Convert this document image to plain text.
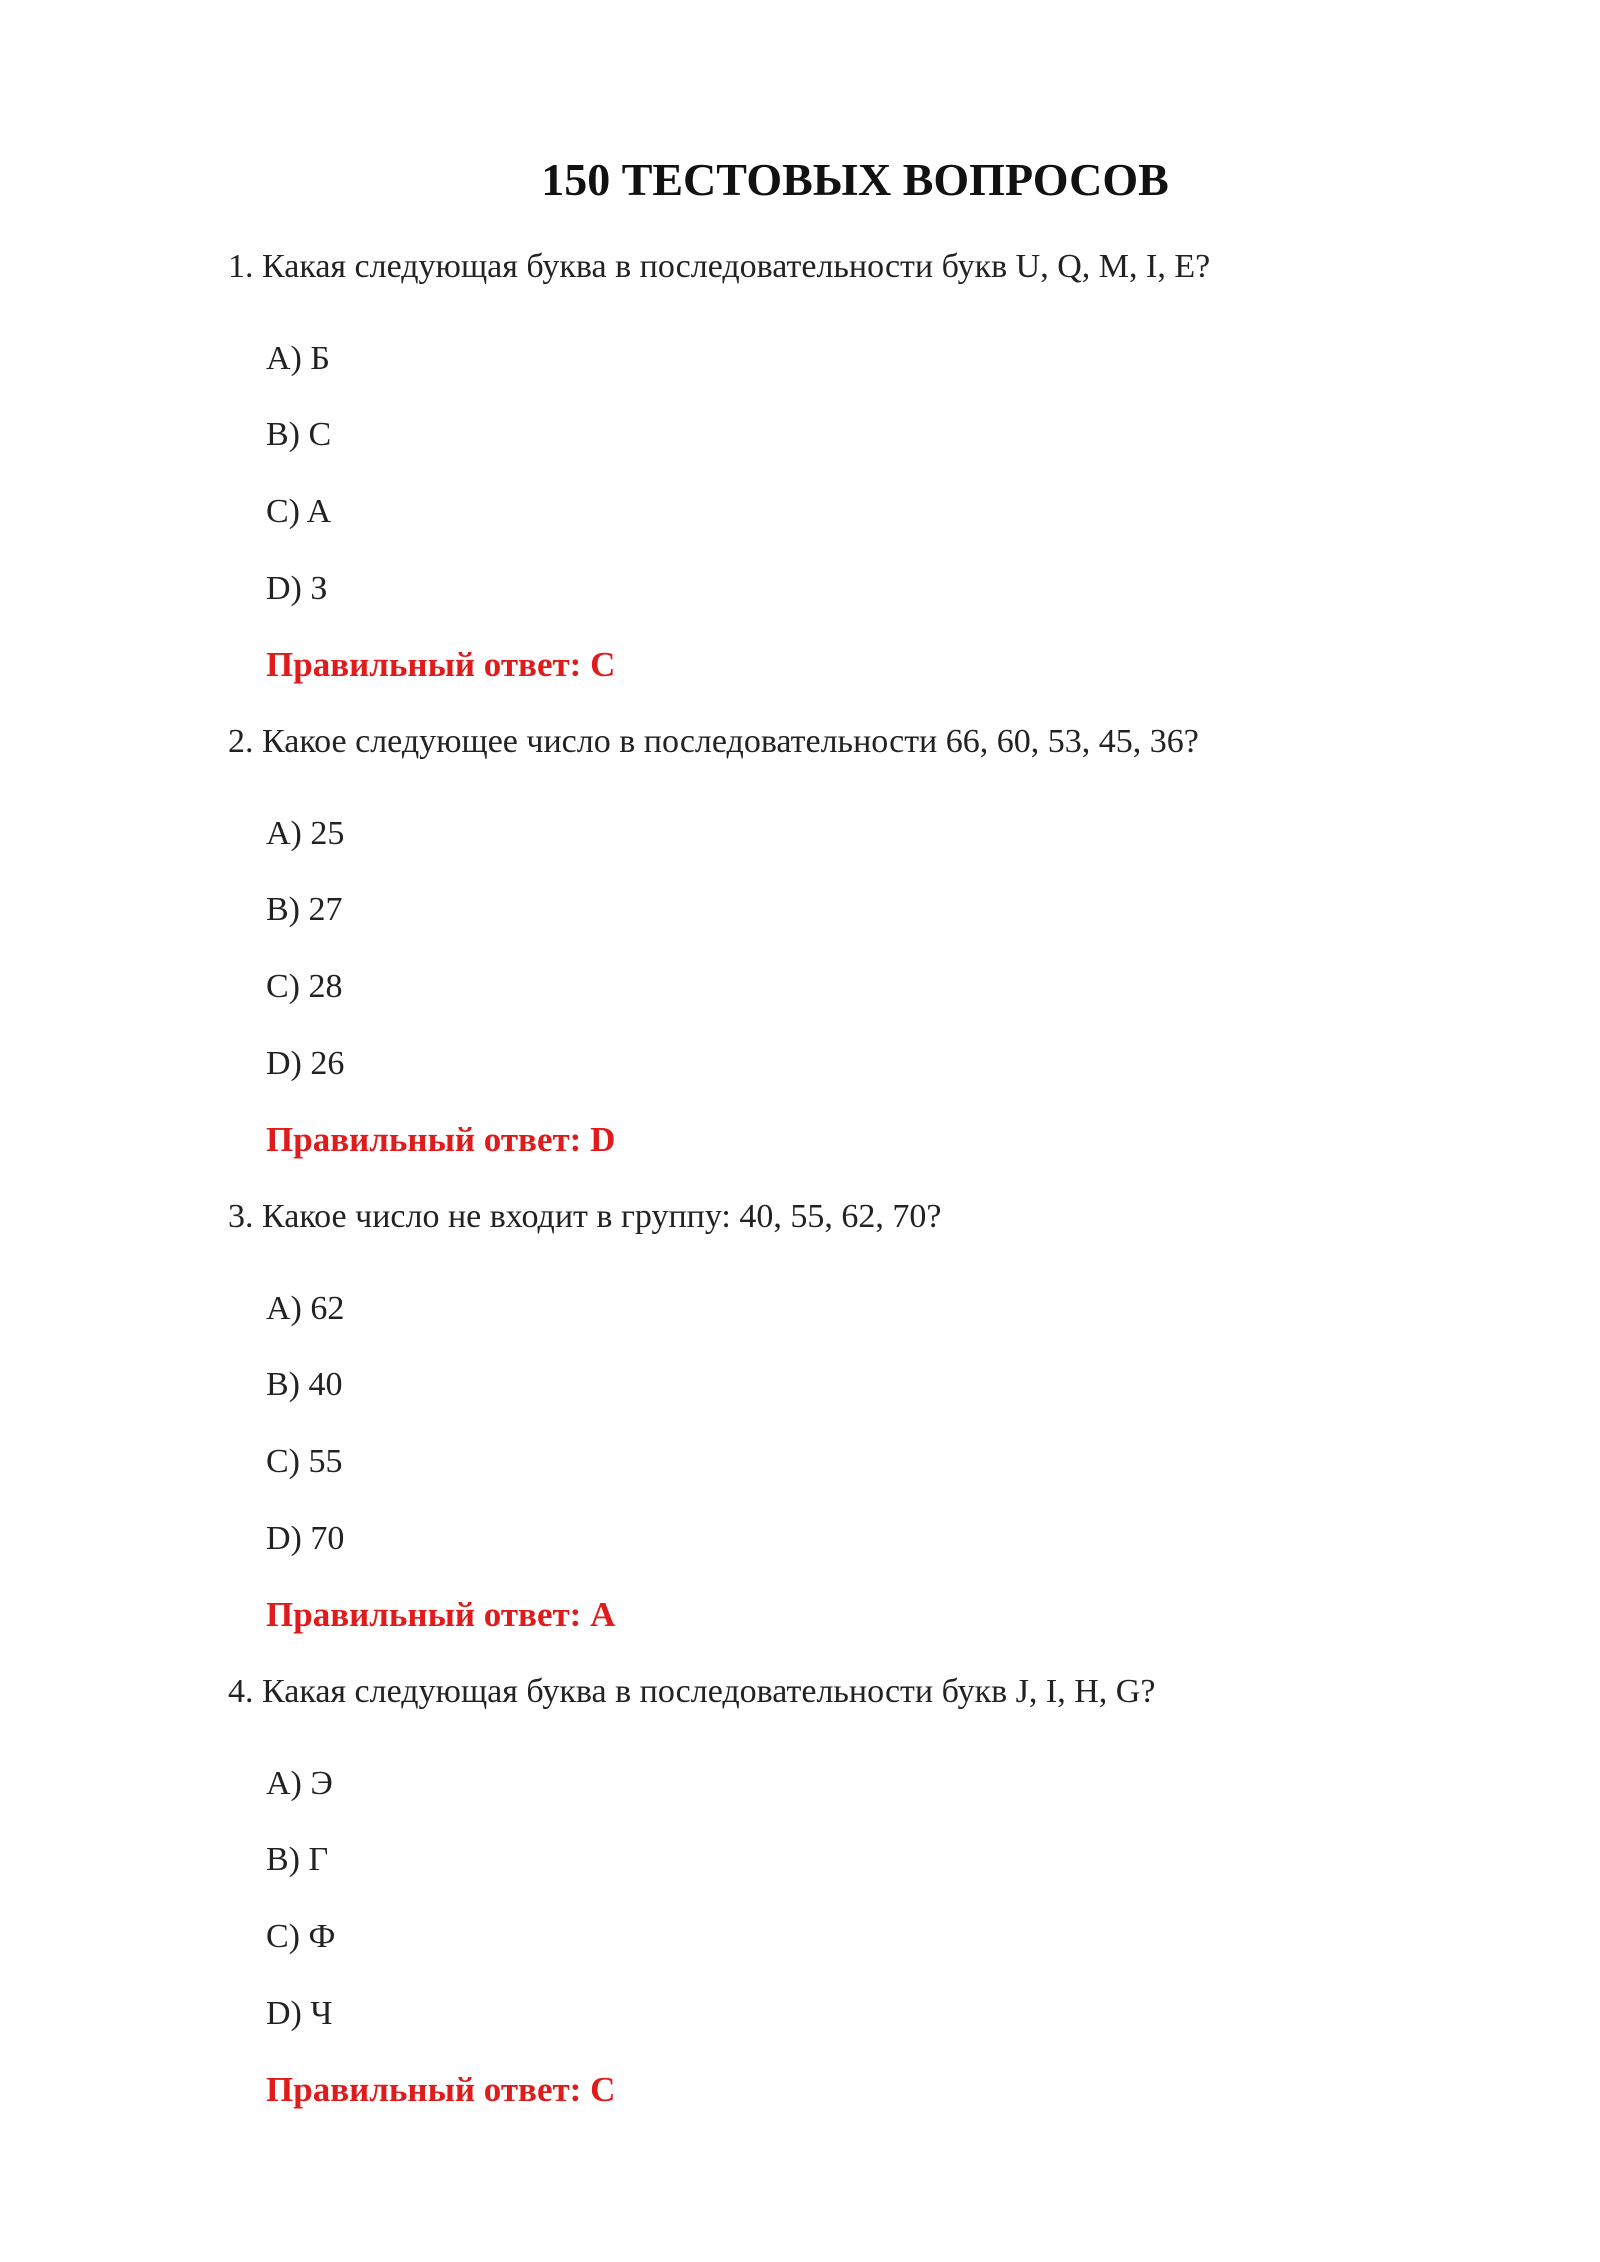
150 ТЕСТОВЫХ ВОПРОСОВ

1. Какая следующая буква в последовательности букв U, Q, M, I, E?

A) Б

B) C

C) A

D) З

Правильный ответ: C

2. Какое следующее число в последовательности 66, 60, 53, 45, 36?

A) 25

B) 27

C) 28

D) 26

Правильный ответ: D

3. Какое число не входит в группу: 40, 55, 62, 70?

A) 62

B) 40

C) 55

D) 70

Правильный ответ: A

4. Какая следующая буква в последовательности букв J, I, H, G?

A) Э

B) Г

C) Ф

D) Ч

Правильный ответ: C
